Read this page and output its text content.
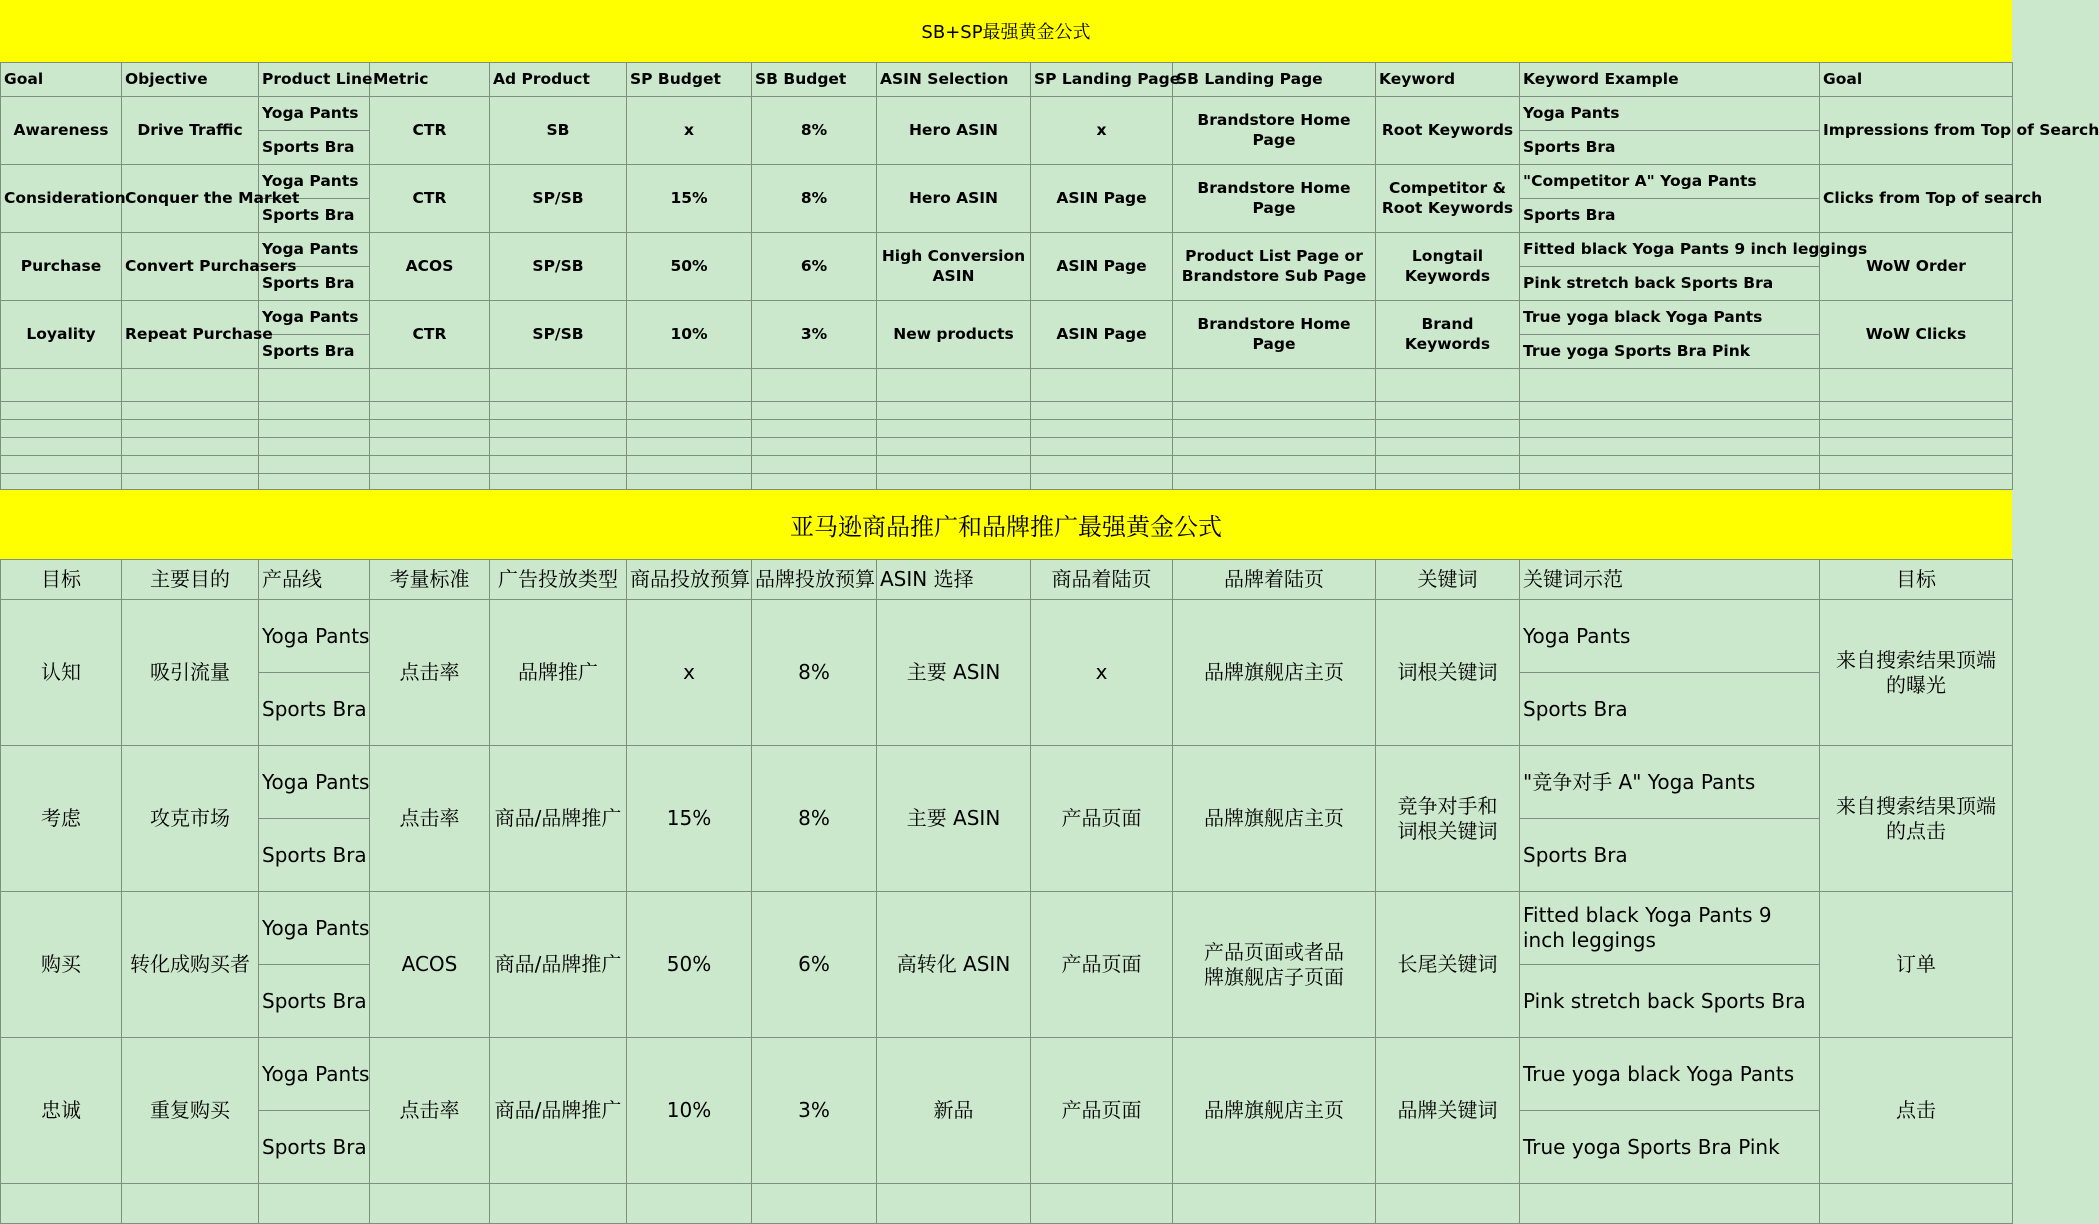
SB+SP最强黄金公式
Goal	Objective	Product Line	Metric	Ad Product	SP Budget	SB Budget	ASIN Selection	SP Landing Page	SB Landing Page	Keyword	Keyword Example	Goal
Awareness	Drive Traffic	Yoga Pants	CTR	SB	x	8%	Hero ASIN	x	Brandstore Home Page	Root Keywords	Yoga Pants	Impressions from Top of Search

		Sports Bra									Sports Bra	
Consideration	Conquer the Market	Yoga Pants	CTR	SP/SB	15%	8%	Hero ASIN	ASIN Page	Brandstore Home Page	Competitor & Root Keywords	"Competitor A" Yoga Pants	Clicks from Top of search

		Sports Bra									Sports Bra	
Purchase	Convert Purchasers	Yoga Pants	ACOS	SP/SB	50%	6%	High Conversion ASIN	ASIN Page	Product List Page or Brandstore Sub Page	Longtail Keywords	Fitted black Yoga Pants 9 inch leggings	WoW Order

		Sports Bra									Pink stretch back Sports Bra	
Loyality	Repeat Purchase	Yoga Pants	CTR	SP/SB	10%	3%	New products	ASIN Page	Brandstore Home Page	Brand Keywords	True yoga black Yoga Pants	WoW Clicks

		Sports Bra									True yoga Sports Bra Pink	

亚马逊商品推广和品牌推广最强黄金公式
目标	主要目的	产品线	考量标准	广告投放类型	商品投放预算	品牌投放预算	ASIN 选择	商品着陆页	品牌着陆页	关键词	关键词示范	目标
认知	吸引流量	Yoga Pants	点击率	品牌推广	x	8%	主要 ASIN	x	品牌旗舰店主页	词根关键词	Yoga Pants	来自搜索结果顶端的曝光
		Sports Bra									Sports Bra	
考虑	攻克市场	Yoga Pants	点击率	商品/品牌推广	15%	8%	主要 ASIN	产品页面	品牌旗舰店主页	竞争对手和词根关键词	"竞争对手 A" Yoga Pants	来自搜索结果顶端的点击
		Sports Bra									Sports Bra	
购买	转化成购买者	Yoga Pants	ACOS	商品/品牌推广	50%	6%	高转化 ASIN	产品页面	产品页面或者品牌旗舰店子页面	长尾关键词	Fitted black Yoga Pants 9 inch leggings	订单
		Sports Bra									Pink stretch back Sports Bra	
忠诚	重复购买	Yoga Pants	点击率	商品/品牌推广	10%	3%	新品	产品页面	品牌旗舰店主页	品牌关键词	True yoga black Yoga Pants	点击
		Sports Bra									True yoga Sports Bra Pink	
